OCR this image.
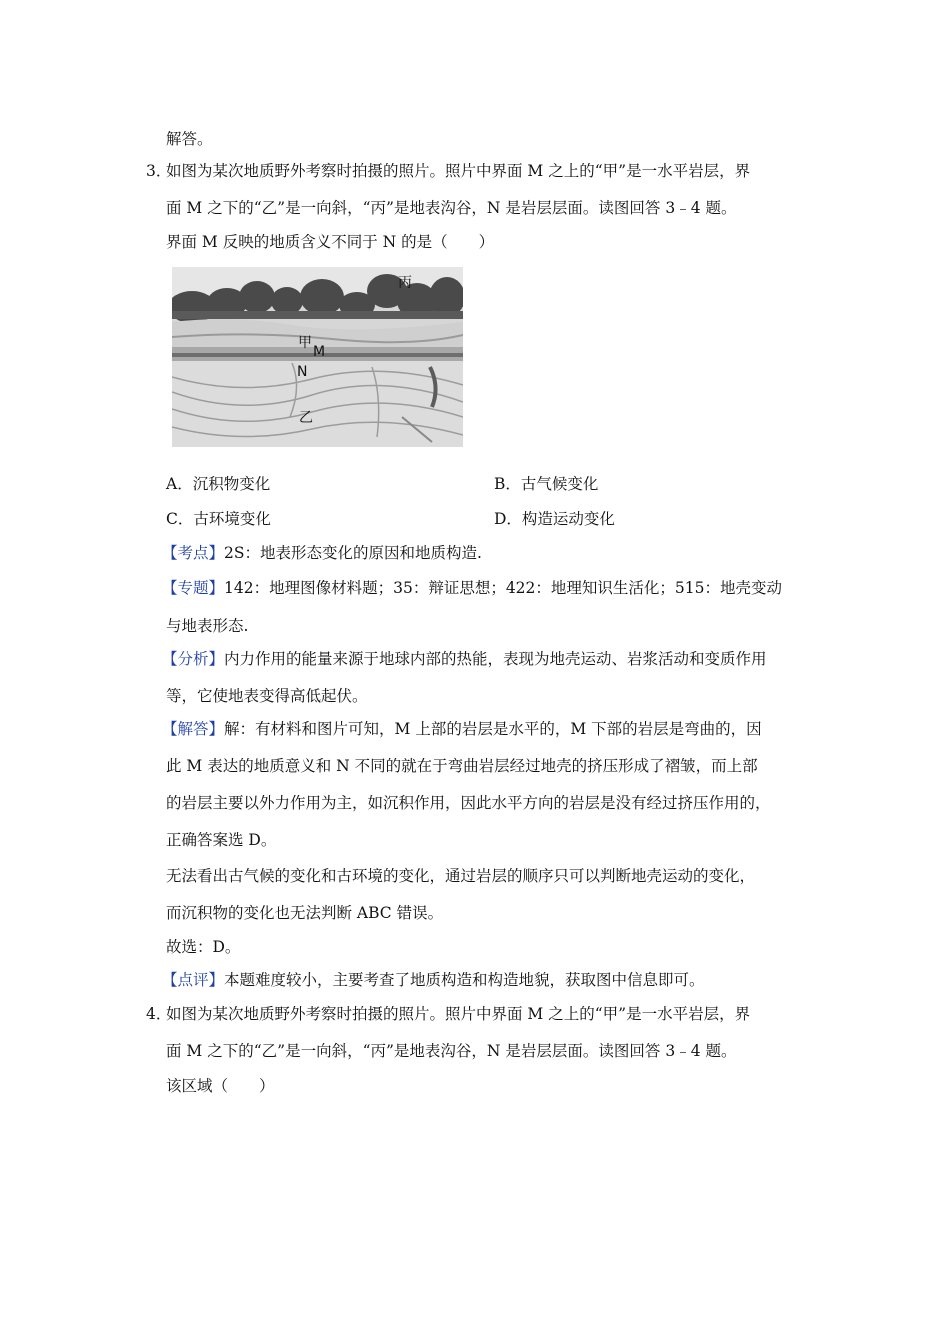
解答。
3．
如图为某次地质野外考察时拍摄的照片。照片中界面 M 之上的“甲”是一水平岩层，界
面 M 之下的“乙”是一向斜，“丙”是地表沟谷，N 是岩层层面。读图回答 3﹣4 题。
界面 M 反映的地质含义不同于 N 的是（　　）
丙
甲
M
N
乙
A．沉积物变化	B．古气候变化
C．古环境变化	D．构造运动变化
【考点】2S：地表形态变化的原因和地质构造.
【专题】142：地理图像材料题；35：辩证思想；422：地理知识生活化；515：地壳变动
与地表形态.
【分析】内力作用的能量来源于地球内部的热能，表现为地壳运动、岩浆活动和变质作用
等，它使地表变得高低起伏。
【解答】解：有材料和图片可知，M 上部的岩层是水平的，M 下部的岩层是弯曲的，因
此 M 表达的地质意义和 N 不同的就在于弯曲岩层经过地壳的挤压形成了褶皱，而上部
的岩层主要以外力作用为主，如沉积作用，因此水平方向的岩层是没有经过挤压作用的，
正确答案选 D。
无法看出古气候的变化和古环境的变化，通过岩层的顺序只可以判断地壳运动的变化，
而沉积物的变化也无法判断 ABC 错误。
故选：D。
【点评】本题难度较小，主要考查了地质构造和构造地貌，获取图中信息即可。
4．
如图为某次地质野外考察时拍摄的照片。照片中界面 M 之上的“甲”是一水平岩层，界
面 M 之下的“乙”是一向斜，“丙”是地表沟谷，N 是岩层层面。读图回答 3﹣4 题。
该区域（　　）
